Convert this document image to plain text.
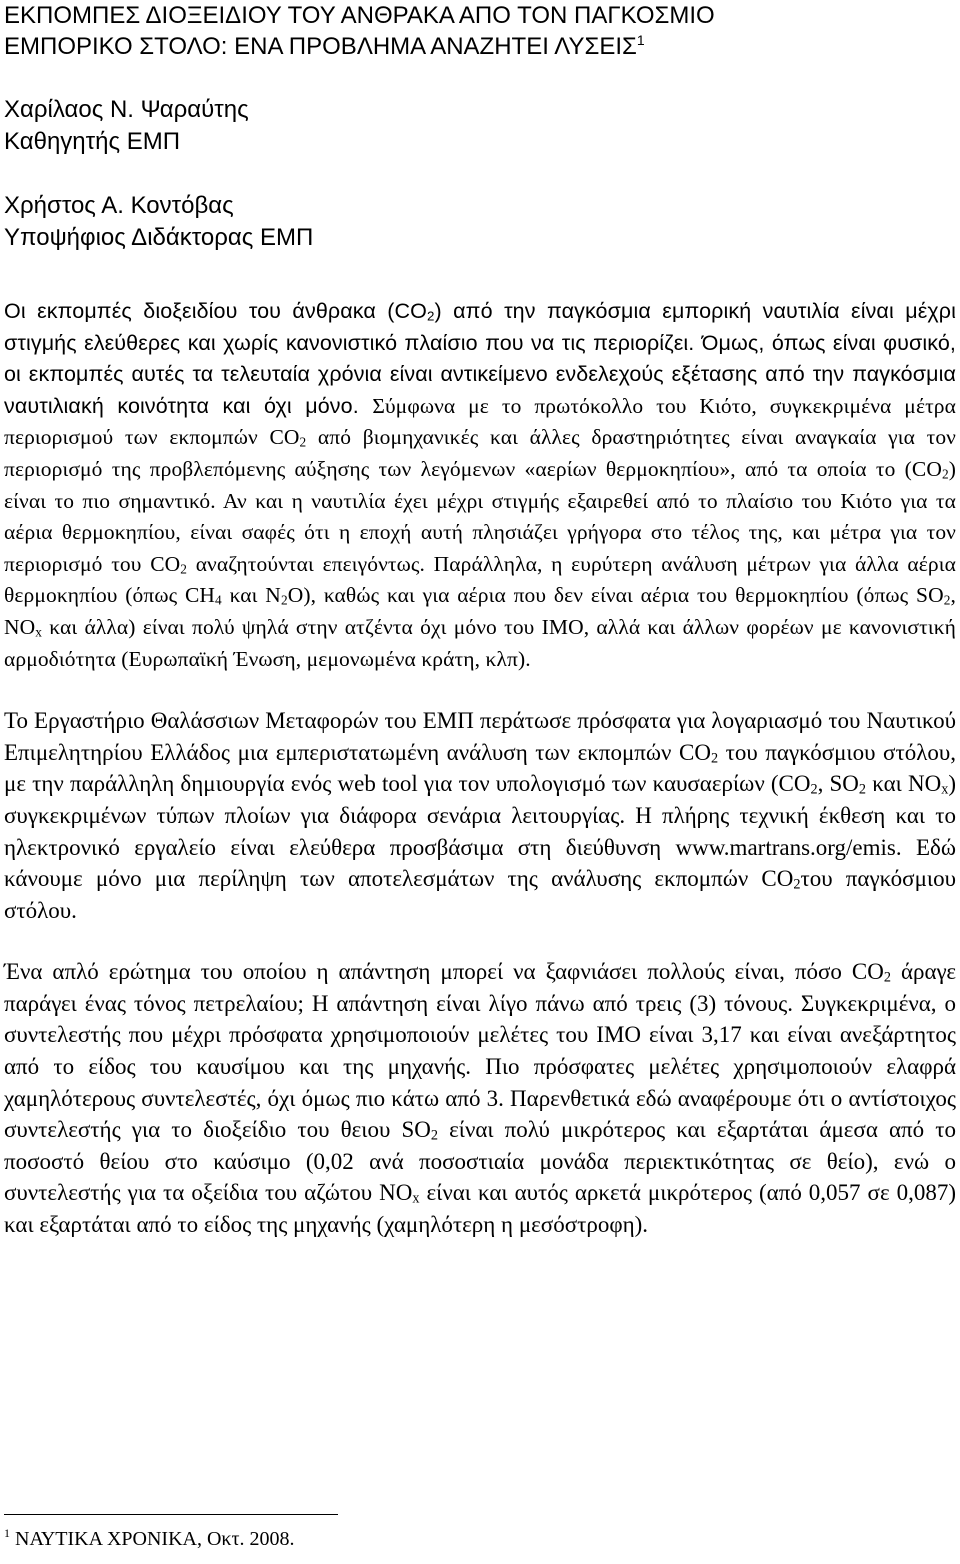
ΕΚΠΟΜΠΕΣ ΔΙΟΞΕΙΔΙΟΥ ΤΟΥ ΑΝΘΡΑΚΑ ΑΠΟ ΤΟΝ ΠΑΓΚΟΣΜΙΟ
ΕΜΠΟΡΙΚΟ ΣΤΟΛΟ: ΕΝΑ ΠΡΟΒΛΗΜΑ ΑΝΑΖΗΤΕΙ ΛΥΣΕΙΣ$^1$
Χαρίλαος Ν. Ψαραύτης
Καθηγητής ΕΜΠ
Χρήστος Α. Κοντόβας
Υποψήφιος Διδάκτορας ΕΜΠ

Οι εκπομπές διοξειδίου του άνθρακα $(CO_2)$ από την παγκόσμια εμπορική ναυτιλία είναι μέχρι στιγμής ελεύθερες και χωρίς κανονιστικό πλαίσιο που να τις περιορίζει. Όμως, όπως είναι φυσικό, οι εκπομπές αυτές τα τελευταία χρόνια είναι αντικείμενο ενδελεχούς εξέτασης από την παγκόσμια ναυτιλιακή κοινότητα και όχι μόνο. Σύμφωνα με το πρωτόκολλο του Κιότο, συγκεκριμένα μέτρα περιορισμού των εκπομπών $CO_2$ από βιομηχανικές και άλλες δραστηριότητες είναι αναγκαία για τον περιορισμό της προβλεπόμενης αύξησης των λεγόμενων «αερίων θερμοκηπίου», από τα οποία το $(CO_2)$ είναι το πιο σημαντικό. Αν και η ναυτιλία έχει μέχρι στιγμής εξαιρεθεί από το πλαίσιο του Κιότο για τα αέρια θερμοκηπίου, είναι σαφές ότι η εποχή αυτή πλησιάζει γρήγορα στο τέλος της, και μέτρα για τον περιορισμό του $CO_2$ αναζητούνται επειγόντως. Παράλληλα, η ευρύτερη ανάλυση μέτρων για άλλα αέρια θερμοκηπίου (όπως $CH_4$ και $N_2O$), καθώς και για αέρια που δεν είναι αέρια του θερμοκηπίου (όπως $SO_2$, $NO_x$ και άλλα) είναι πολύ ψηλά στην ατζέντα όχι μόνο του IMO, αλλά και άλλων φορέων με κανονιστική αρμοδιότητα (Ευρωπαϊκή Ένωση, μεμονωμένα κράτη, κλπ).

Το Εργαστήριο Θαλάσσιων Μεταφορών του ΕΜΠ πεpάτωσε πρόσφατα για λογαριασμό του Ναυτικού Επιμελητηρίου Ελλάδος μια εμπεριστατωμένη ανάλυση των εκπομπών $CO_2$ του παγκόσμιου στόλου, με την παράλληλη δημιουργία ενός web tool για τον υπολογισμό των καυσαερίων ($CO_2$, $SO_2$ και $NO_x$) συγκεκριμένων τύπων πλοίων για διάφορα σενάρια λειτουργίας. Η πλήρης τεχνική έκθεση και το ηλεκτρονικό εργαλείο είναι ελεύθερα προσβάσιμα στη διεύθυνση www.martrans.org/emis. Εδώ κάνουμε μόνο μια περίληψη των αποτελεσμάτων της ανάλυσης εκπομπών $CO_2\tau o\upsilon$ παγκόσμιου στόλου.

Ένα απλό ερώτημα του οποίου η απάντηση μπορεί να ξαφνιάσει πολλούς είναι, πόσο $CO_2$ άραγε παράγει ένας τόνος πετρελαίου; Η απάντηση είναι λίγο πάνω από τρεις (3) τόνους. Συγκεκριμένα, ο συντελεστής που μέχρι πρόσφατα χρησιμοποιούν μελέτες του IMO είναι 3,17 και είναι ανεξάρτητος από το είδος του καυσίμου και της μηχανής. Πιο πρόσφατες μελέτες χρησιμοποιούν ελαφρά χαμηλότερους συντελεστές, όχι όμως πιο κάτω από 3. Παρενθετικά εδώ αναφέρουμε ότι ο αντίστοιχος συντελεστής για το διοξείδιο του θειου $SO_2$ είναι πολύ μικρότερος και εξαρτάται άμεσα από το ποσοστό θείου στο καύσιμο (0,02 ανά ποσοστιαία μονάδα περιεκτικότητας σε θείο), ενώ ο συντελεστής για τα οξείδια του αζώτου $NO_x$ είναι και αυτός αρκετά μικρότερος (από 0,057 σε 0,087) και εξαρτάται από το είδος της μηχανής (χαμηλότερη η μεσόστροφη).

$^1$ ΝΑΥΤΙΚΑ ΧΡΟΝΙΚΑ, Οκτ. 2008.
